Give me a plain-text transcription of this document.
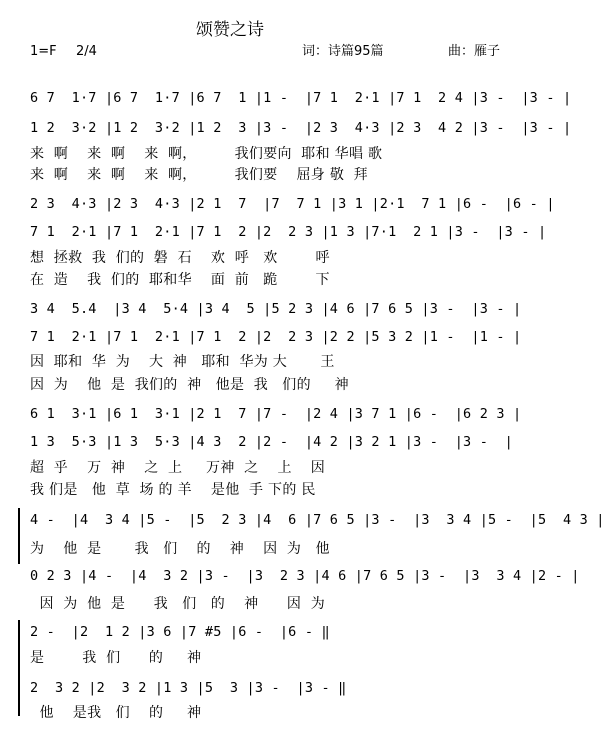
颂赞之诗
1=F 2/4	词：诗篇95篇	曲：雁子
6 7  1·7 |6 7  1·7 |6 7  1 |1 -  |7 1  2·1 |7 1  2 4 |3 -  |3 - |
1 2  3·2 |1 2  3·2 |1 2  3 |3 -  |2 3  4·3 |2 3  4 2 |3 -  |3 - |
来  啊    来  啊    来  啊，        我们要向  耶和 华唱 歌
来  啊    来  啊    来  啊，        我们要    屈身 敬  拜
2 3  4·3 |2 3  4·3 |2 1  7  |7  7 1 |3 1 |2·1  7 1 |6 -  |6 - |
7 1  2·1 |7 1  2·1 |7 1  2 |2  2 3 |1 3 |7·1  2 1 |3 -  |3 - |
想  拯救  我  们的  磐  石    欢  呼   欢        呼
在  造    我  们的  耶和华    面  前   跪        下
3 4  5.4  |3 4  5·4 |3 4  5 |5 2 3 |4 6 |7 6 5 |3 -  |3 - |
7 1  2·1 |7 1  2·1 |7 1  2 |2  2 3 |2 2 |5 3 2 |1 -  |1 - |
因  耶和  华  为    大  神   耶和  华为 大       王
因  为    他  是  我们的  神   他是  我   们的     神
6 1  3·1 |6 1  3·1 |2 1  7 |7 -  |2 4 |3 7 1 |6 -  |6 2 3 |
1 3  5·3 |1 3  5·3 |4 3  2 |2 -  |4 2 |3 2 1 |3 -  |3 -  |
超  乎    万  神    之  上     万神  之    上    因
我 们是   他  草  场 的 羊    是他  手 下的 民
4 -  |4  3 4 |5 -  |5  2 3 |4  6 |7 6 5 |3 -  |3  3 4 |5 -  |5  4 3 |
为    他  是       我   们    的    神    因  为   他
0 2 3 |4 -  |4  3 2 |3 -  |3  2 3 |4 6 |7 6 5 |3 -  |3  3 4 |2 - |
因  为  他  是      我   们   的    神      因  为
2 -  |2  1 2 |3 6 |7 #5 |6 -  |6 - ‖
是        我  们      的     神
2  3 2 |2  3 2 |1 3 |5  3 |3 -  |3 - ‖
他    是我   们    的     神
